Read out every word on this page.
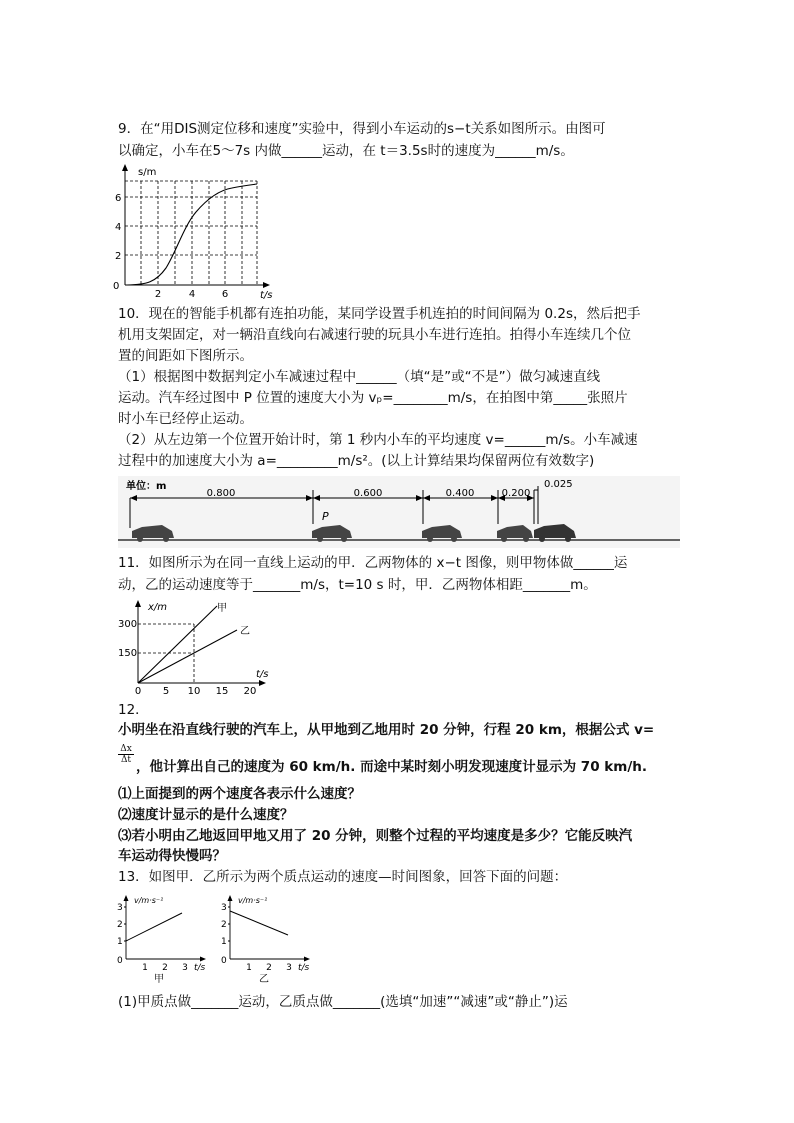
9．在“用DIS测定位移和速度”实验中，得到小车运动的s−t关系如图所示。由图可

以确定，小车在5～7s 内做______运动，在 t＝3.5s时的速度为______m/s。

s/m
0
2
4
6
2	4	6	t/s

10．现在的智能手机都有连拍功能，某同学设置手机连拍的时间间隔为 0.2s，然后把手

机用支架固定，对一辆沿直线向右减速行驶的玩具小车进行连拍。拍得小车连续几个位

置的间距如下图所示。

（1）根据图中数据判定小车减速过程中______（填“是”或“不是”）做匀减速直线

运动。汽车经过图中 P 位置的速度大小为 vₚ=________m/s，在拍图中第_____张照片

时小车已经停止运动。

（2）从左边第一个位置开始计时，第 1 秒内小车的平均速度 v=______m/s。小车减速

过程中的加速度大小为 a=_________m/s²。(以上计算结果均保留两位有效数字)

单位：m
0.800	0.600	0.400	0.200
0.025
P

11．如图所示为在同一直线上运动的甲．乙两物体的 x−t 图像，则甲物体做______运

动，乙的运动速度等于_______m/s，t=10 s 时，甲．乙两物体相距_______m。

x/m	甲
乙
300
150
0 5 10 15 20
t/s

12．

小明坐在沿直线行驶的汽车上，从甲地到乙地用时 20 分钟，行程 20 km，根据公式 v=

$\frac{\Delta x}{\Delta t}$

，他计算出自己的速度为 60 km/h. 而途中某时刻小明发现速度计显示为 70 km/h.

⑴上面提到的两个速度各表示什么速度？

⑵速度计显示的是什么速度？

⑶若小明由乙地返回甲地又用了 20 分钟，则整个过程的平均速度是多少？它能反映汽

车运动得快慢吗？

13．如图甲．乙所示为两个质点运动的速度—时间图象，回答下面的问题：

v/m·s⁻¹
0
1
2
3
1 2 3 t/s
甲
v/m·s⁻¹
0
1
2
3
1 2 3 t/s
乙

(1)甲质点做_______运动，乙质点做_______(选填“加速”“减速”或“静止”)运
